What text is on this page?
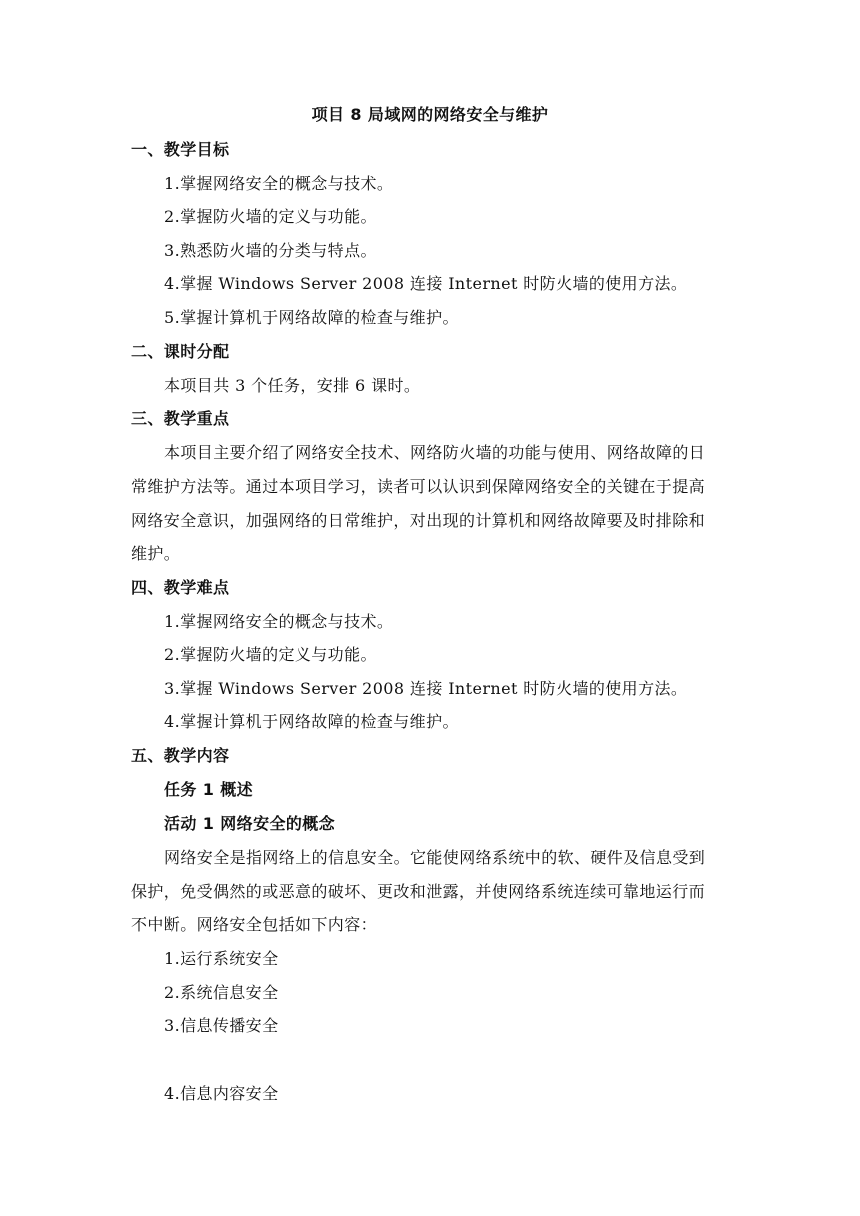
项目 8 局域网的网络安全与维护
一、教学目标
1.掌握网络安全的概念与技术。
2.掌握防火墙的定义与功能。
3.熟悉防火墙的分类与特点。
4.掌握 Windows Server 2008 连接 Internet 时防火墙的使用方法。
5.掌握计算机于网络故障的检查与维护。
二、课时分配
本项目共 3 个任务，安排 6 课时。
三、教学重点
本项目主要介绍了网络安全技术、网络防火墙的功能与使用、网络故障的日
常维护方法等。通过本项目学习，读者可以认识到保障网络安全的关键在于提高
网络安全意识，加强网络的日常维护，对出现的计算机和网络故障要及时排除和
维护。
四、教学难点
1.掌握网络安全的概念与技术。
2.掌握防火墙的定义与功能。
3.掌握 Windows Server 2008 连接 Internet 时防火墙的使用方法。
4.掌握计算机于网络故障的检查与维护。
五、教学内容
任务 1 概述
活动 1 网络安全的概念
网络安全是指网络上的信息安全。它能使网络系统中的软、硬件及信息受到
保护，免受偶然的或恶意的破坏、更改和泄露，并使网络系统连续可靠地运行而
不中断。网络安全包括如下内容：
1.运行系统安全
2.系统信息安全
3.信息传播安全
4.信息内容安全
